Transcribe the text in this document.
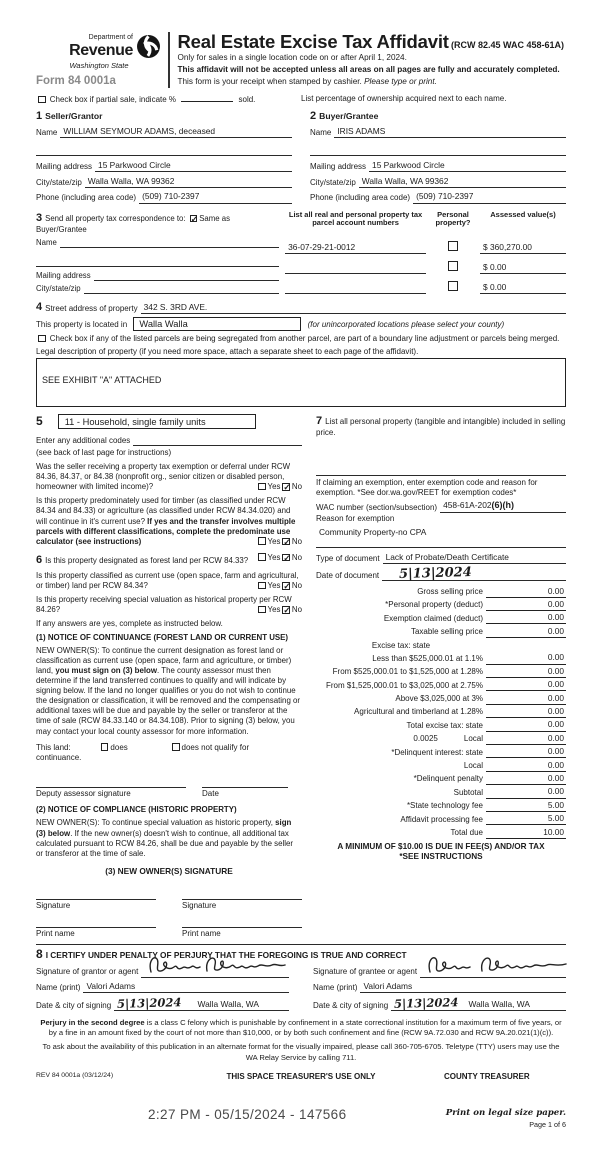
Department of
Revenue
Washington State
Form 84 0001a
Real Estate Excise Tax Affidavit (RCW 82.45 WAC 458-61A)
Only for sales in a single location code on or after April 1, 2024.
This affidavit will not be accepted unless all areas on all pages are fully and accurately completed.
This form is your receipt when stamped by cashier. Please type or print.
Check box if partial sale, indicate %	sold.	List percentage of ownership acquired next to each name.
1 Seller/Grantor
Name WILLIAM SEYMOUR ADAMS, deceased
Mailing address 15 Parkwood Circle
City/state/zip Walla Walla, WA 99362
Phone (including area code) (509) 710-2397
2 Buyer/Grantee
Name IRIS ADAMS
Mailing address 15 Parkwood Circle
City/state/zip Walla Walla, WA 99362
Phone (including area code) (509) 710-2397
3 Send all property tax correspondence to: ✓Same as Buyer/Grantee
Name
Mailing address
City/state/zip
List all real and personal property tax parcel account numbers
Personal property?
Assessed value(s)
36-07-29-21-0012	$ 360,270.00
$ 0.00
$ 0.00
4 Street address of property 342 S. 3RD AVE.
This property is located in Walla Walla	(for unincorporated locations please select your county)
Check box if any of the listed parcels are being segregated from another parcel, are part of a boundary line adjustment or parcels being merged.
Legal description of property (if you need more space, attach a separate sheet to each page of the affidavit).
SEE EXHIBIT "A" ATTACHED
5	11 - Household, single family units
Enter any additional codes
(see back of last page for instructions)
Was the seller receiving a property tax exemption or deferral under RCW 84.36, 84.37, or 84.38 (nonprofit org., senior citizen or disabled person, homeowner with limited income)?	Yes ✓No
Is this property predominately used for timber (as classified under RCW 84.34 and 84.33) or agriculture (as classified under RCW 84.34.020) and will continue in it's current use? If yes and the transfer involves multiple parcels with different classifications, complete the predominate use calculator (see instructions)	Yes ✓No
6 Is this property designated as forest land per RCW 84.33?	Yes ✓No
Is this property classified as current use (open space, farm and agricultural, or timber) land per RCW 84.34?	Yes ✓No
Is this property receiving special valuation as historical property per RCW 84.26?	Yes ✓No
If any answers are yes, complete as instructed below.
(1) NOTICE OF CONTINUANCE (FOREST LAND OR CURRENT USE)
NEW OWNER(S): To continue the current designation as forest land or classification as current use (open space, farm and agriculture, or timber) land, you must sign on (3) below. The county assessor must then determine if the land transferred continues to qualify and will indicate by signing below. If the land no longer qualifies or you do not wish to continue the designation or classification, it will be removed and the compensating or additional taxes will be due and payable by the seller or transferor at the time of sale (RCW 84.33.140 or 84.34.108). Prior to signing (3) below, you may contact your local county assessor for more information.
This land:	does	does not qualify for
continuance.
Deputy assessor signature	Date
(2) NOTICE OF COMPLIANCE (HISTORIC PROPERTY)
NEW OWNER(S): To continue special valuation as historic property, sign (3) below. If the new owner(s) doesn't wish to continue, all additional tax calculated pursuant to RCW 84.26, shall be due and payable by the seller or transferor at the time of sale.
(3) NEW OWNER(S) SIGNATURE
Signature	Signature
Print name	Print name
7 List all personal property (tangible and intangible) included in selling price.
If claiming an exemption, enter exemption code and reason for exemption. *See dor.wa.gov/REET for exemption codes*
WAC number (section/subsection) 458-61A-202(6)(h)
Reason for exemption
Community Property-no CPA
Type of document Lack of Probate/Death Certificate
Date of document	5|13|2024
Gross selling price	0.00
*Personal property (deduct)	0.00
Exemption claimed (deduct)	0.00
Taxable selling price	0.00
Excise tax: state
Less than $525,000.01 at 1.1%	0.00
From $525,000.01 to $1,525,000 at 1.28%	0.00
From $1,525,000.01 to $3,025,000 at 2.75%	0.00
Above $3,025,000 at 3%	0.00
Agricultural and timberland at 1.28%	0.00
Total excise tax: state	0.00
0.0025	Local	0.00
*Delinquent interest: state	0.00
Local	0.00
*Delinquent penalty	0.00
Subtotal	0.00
*State technology fee	5.00
Affidavit processing fee	5.00
Total due	10.00
A MINIMUM OF $10.00 IS DUE IN FEE(S) AND/OR TAX
*SEE INSTRUCTIONS
8 I CERTIFY UNDER PENALTY OF PERJURY THAT THE FOREGOING IS TRUE AND CORRECT
Signature of grantor or agent
Name (print) Valori Adams
Date & city of signing 5|13|2024 Walla Walla, WA
Signature of grantee or agent
Name (print) Valori Adams
Date & city of signing 5|13|2024 Walla Walla, WA

Perjury in the second degree is a class C felony which is punishable by confinement in a state correctional institution for a maximum term of five years, or by a fine in an amount fixed by the court of not more than $10,000, or by both such confinement and fine (RCW 9A.72.030 and RCW 9A.20.021(1)(c)).

To ask about the availability of this publication in an alternate format for the visually impaired, please call 360-705-6705. Teletype (TTY) users may use the WA Relay Service by calling 711.

REV 84 0001a (03/12/24)	THIS SPACE TREASURER'S USE ONLY	COUNTY TREASURER
2:27 PM - 05/15/2024 - 147566	Print on legal size paper.
Page 1 of 6
